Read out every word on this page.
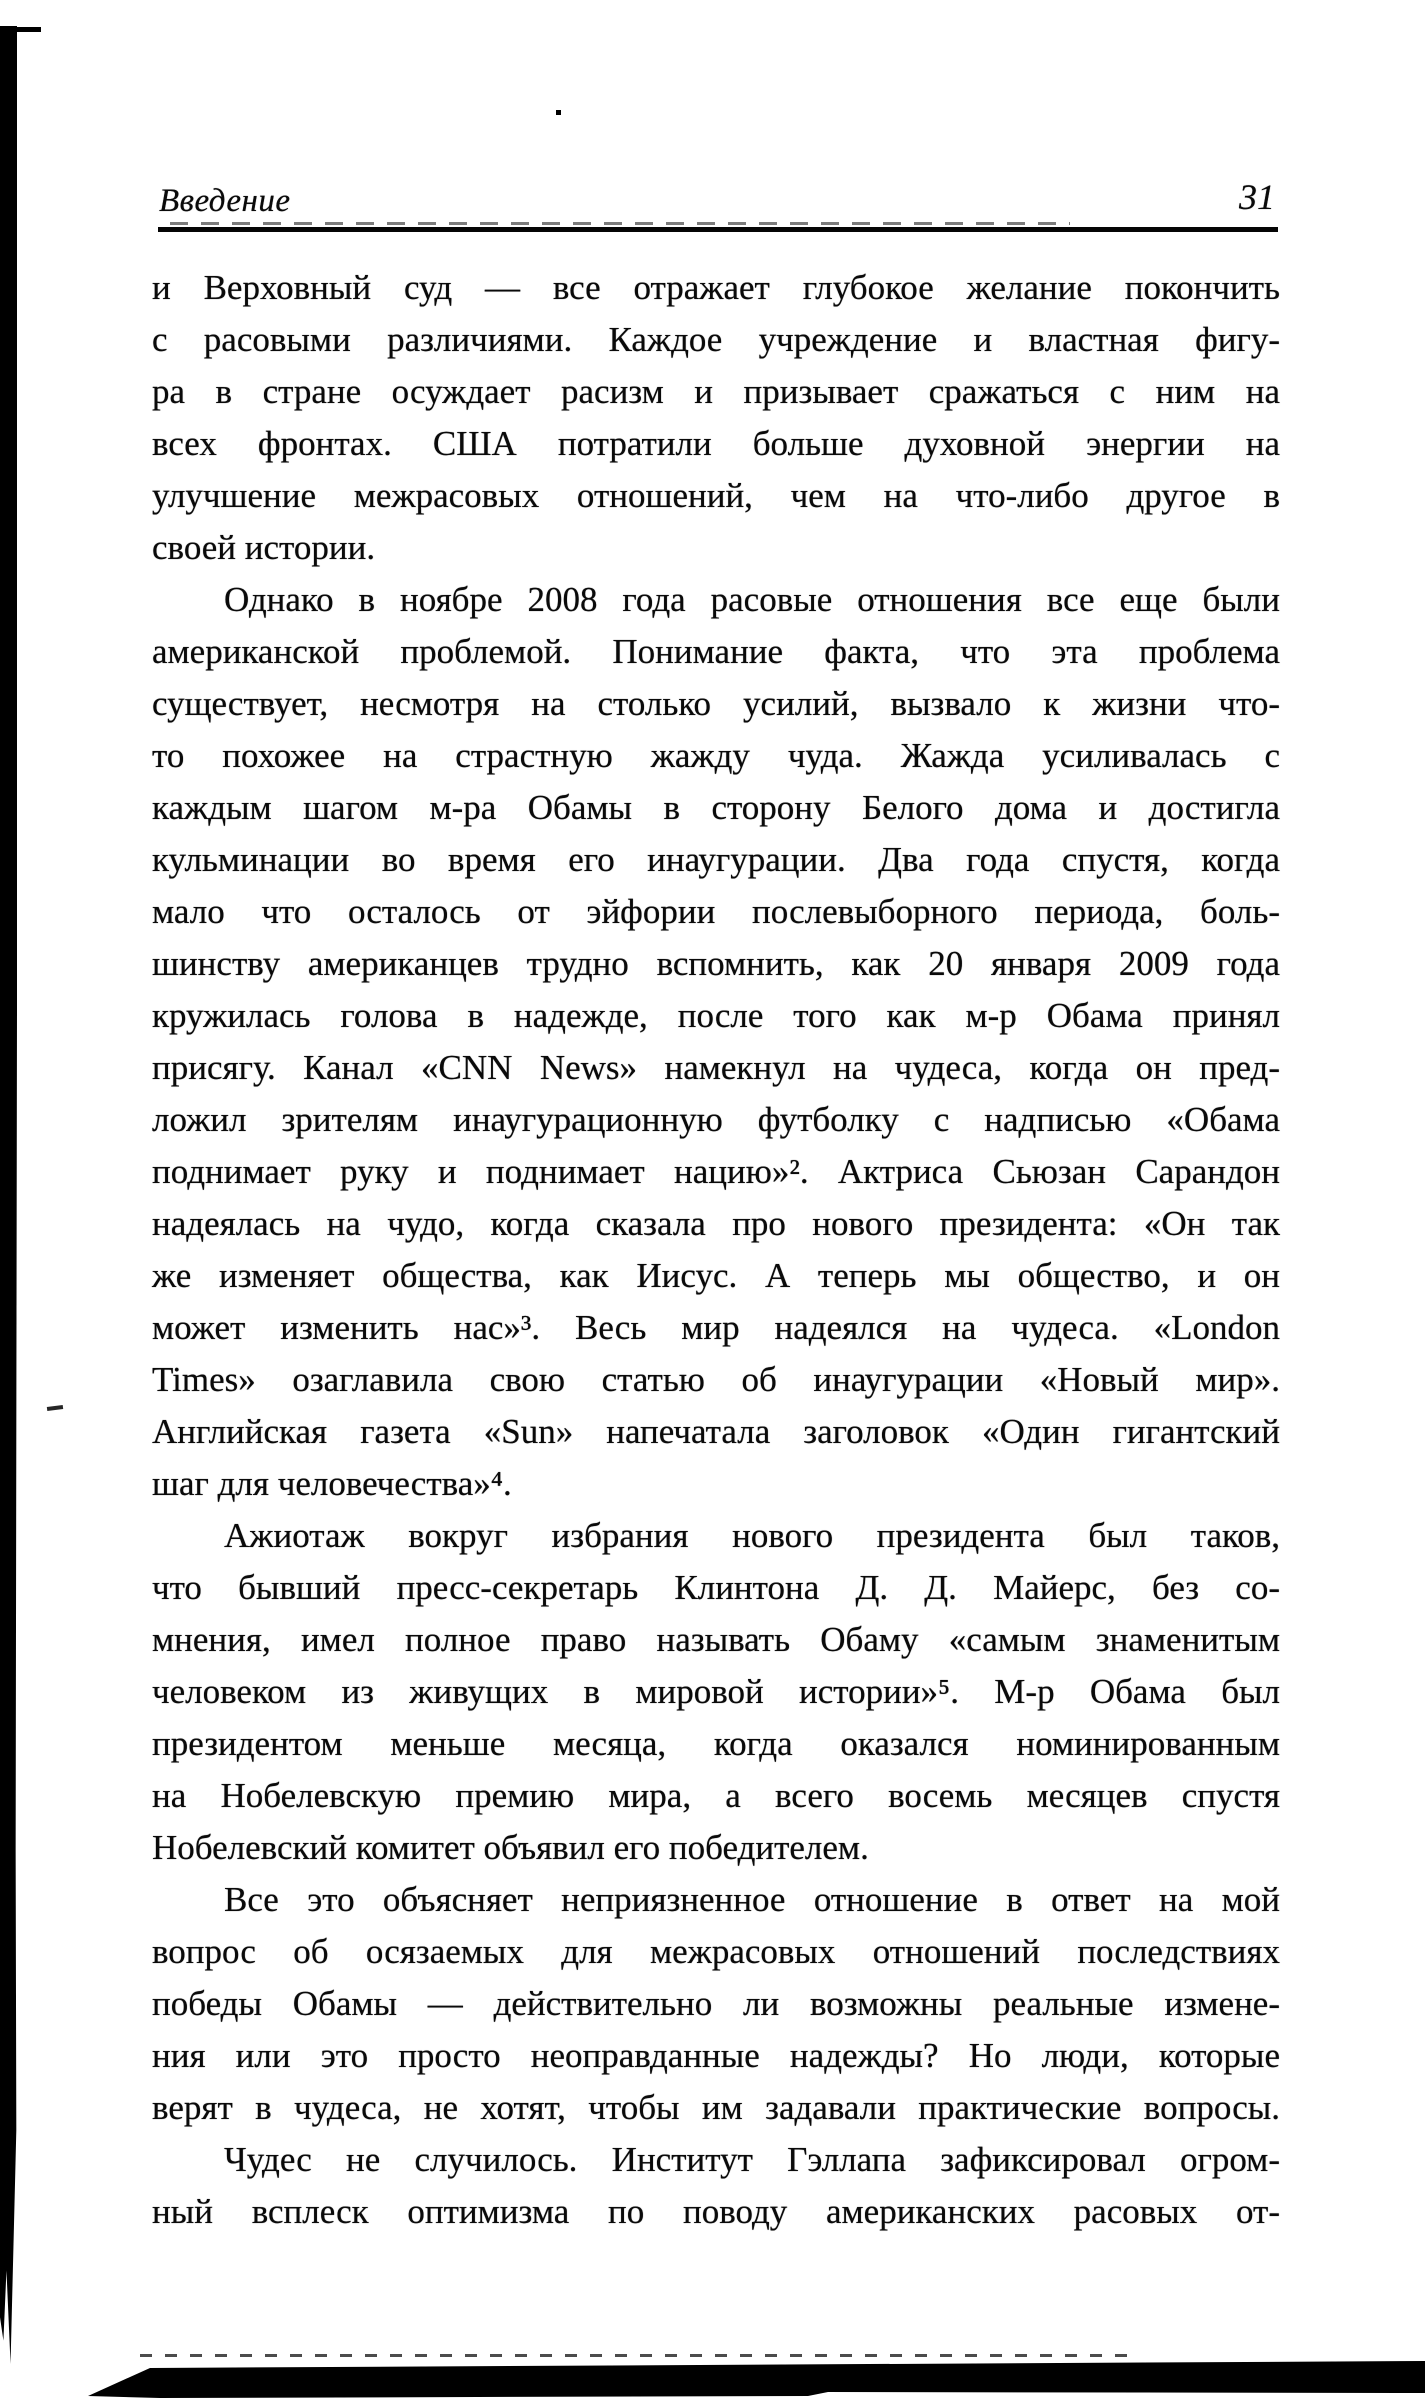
Введение	31
и Верховный суд — все отражает глубокое желание покончить
с расовыми различиями. Каждое учреждение и властная фигу-
ра в стране осуждает расизм и призывает сражаться с ним на
всех фронтах. США потратили больше духовной энергии на
улучшение межрасовых отношений, чем на что-либо другое в
своей истории.
Однако в ноябре 2008 года расовые отношения все еще были
американской проблемой. Понимание факта, что эта проблема
существует, несмотря на столько усилий, вызвало к жизни что-
то похожее на страстную жажду чуда. Жажда усиливалась с
каждым шагом м-ра Обамы в сторону Белого дома и достигла
кульминации во время его инаугурации. Два года спустя, когда
мало что осталось от эйфории послевыборного периода, боль-
шинству американцев трудно вспомнить, как 20 января 2009 года
кружилась голова в надежде, после того как м-р Обама принял
присягу. Канал «CNN News» намекнул на чудеса, когда он пред-
ложил зрителям инаугурационную футболку с надписью «Обама
поднимает руку и поднимает нацию»². Актриса Сьюзан Сарандон
надеялась на чудо, когда сказала про нового президента: «Он так
же изменяет общества, как Иисус. А теперь мы общество, и он
может изменить нас»³. Весь мир надеялся на чудеса. «London
Times» озаглавила свою статью об инаугурации «Новый мир».
Английская газета «Sun» напечатала заголовок «Один гигантский
шаг для человечества»⁴.
Ажиотаж вокруг избрания нового президента был таков,
что бывший пресс-секретарь Клинтона Д. Д. Майерс, без со-
мнения, имел полное право называть Обаму «самым знаменитым
человеком из живущих в мировой истории»⁵. М-р Обама был
президентом меньше месяца, когда оказался номинированным
на Нобелевскую премию мира, а всего восемь месяцев спустя
Нобелевский комитет объявил его победителем.
Все это объясняет неприязненное отношение в ответ на мой
вопрос об осязаемых для межрасовых отношений последствиях
победы Обамы — действительно ли возможны реальные измене-
ния или это просто неоправданные надежды? Но люди, которые
верят в чудеса, не хотят, чтобы им задавали практические вопросы.
Чудес не случилось. Институт Гэллапа зафиксировал огром-
ный всплеск оптимизма по поводу американских расовых от-
